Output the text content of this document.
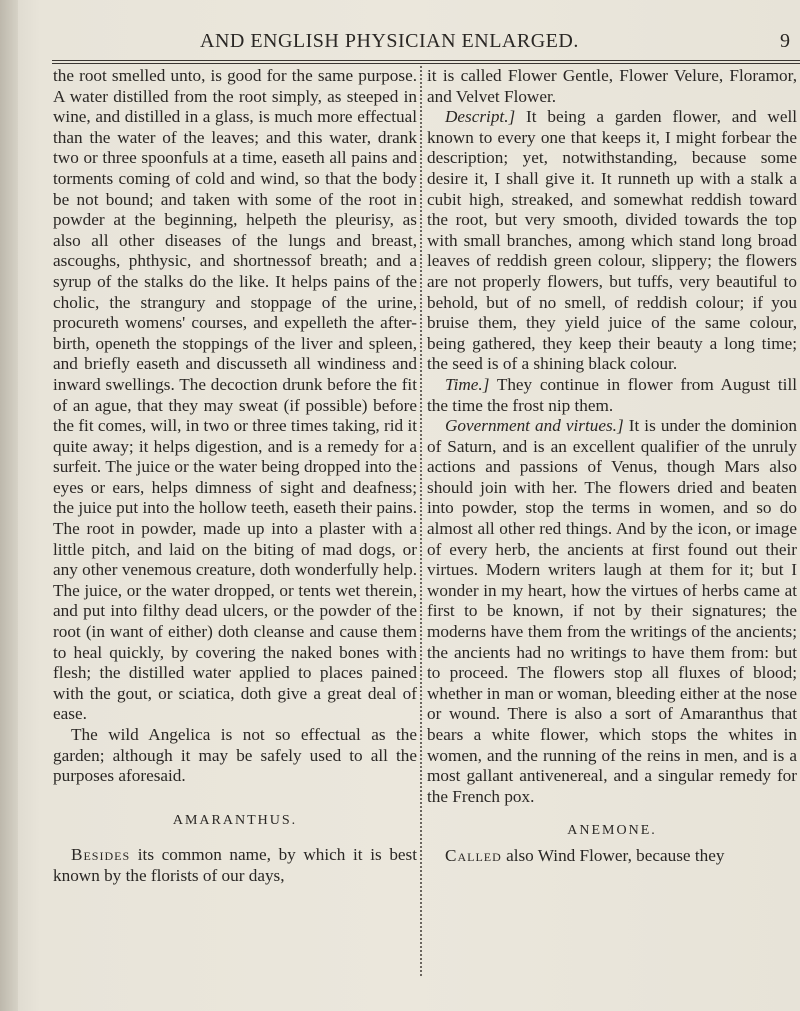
AND ENGLISH PHYSICIAN ENLARGED.	9

the root smelled unto, is good for the same purpose. A water distilled from the root simply, as steeped in wine, and distilled in a glass, is much more effectual than the water of the leaves; and this water, drank two or three spoonfuls at a time, easeth all pains and torments coming of cold and wind, so that the body be not bound; and taken with some of the root in powder at the beginning, helpeth the pleurisy, as also all other diseases of the lungs and breast, ascoughs, phthysic, and shortnessof breath; and a syrup of the stalks do the like. It helps pains of the cholic, the strangury and stoppage of the urine, procureth womens' courses, and expelleth the after-birth, openeth the stoppings of the liver and spleen, and briefly easeth and discusseth all windiness and inward swellings. The decoction drunk before the fit of an ague, that they may sweat (if possible) before the fit comes, will, in two or three times taking, rid it quite away; it helps digestion, and is a remedy for a surfeit. The juice or the water being dropped into the eyes or ears, helps dimness of sight and deafness; the juice put into the hollow teeth, easeth their pains. The root in powder, made up into a plaster with a little pitch, and laid on the biting of mad dogs, or any other venemous creature, doth wonderfully help. The juice, or the water dropped, or tents wet therein, and put into filthy dead ulcers, or the powder of the root (in want of either) doth cleanse and cause them to heal quickly, by covering the naked bones with flesh; the distilled water applied to places pained with the gout, or sciatica, doth give a great deal of ease.

The wild Angelica is not so effectual as the garden; although it may be safely used to all the purposes aforesaid.

AMARANTHUS.

Besides its common name, by which it is best known by the florists of our days,

it is called Flower Gentle, Flower Velure, Floramor, and Velvet Flower.

Descript.] It being a garden flower, and well known to every one that keeps it, I might forbear the description; yet, notwithstanding, because some desire it, I shall give it. It runneth up with a stalk a cubit high, streaked, and somewhat reddish toward the root, but very smooth, divided towards the top with small branches, among which stand long broad leaves of reddish green colour, slippery; the flowers are not properly flowers, but tuffs, very beautiful to behold, but of no smell, of reddish colour; if you bruise them, they yield juice of the same colour, being gathered, they keep their beauty a long time; the seed is of a shining black colour.

Time.] They continue in flower from August till the time the frost nip them.

Government and virtues.] It is under the dominion of Saturn, and is an excellent qualifier of the unruly actions and passions of Venus, though Mars also should join with her. The flowers dried and beaten into powder, stop the terms in women, and so do almost all other red things. And by the icon, or image of every herb, the ancients at first found out their virtues. Modern writers laugh at them for it; but I wonder in my heart, how the virtues of herbs came at first to be known, if not by their signatures; the moderns have them from the writings of the ancients; the ancients had no writings to have them from: but to proceed. The flowers stop all fluxes of blood; whether in man or woman, bleeding either at the nose or wound. There is also a sort of Amaranthus that bears a white flower, which stops the whites in women, and the running of the reins in men, and is a most gallant antivenereal, and a singular remedy for the French pox.

ANEMONE.

Called also Wind Flower, because they
